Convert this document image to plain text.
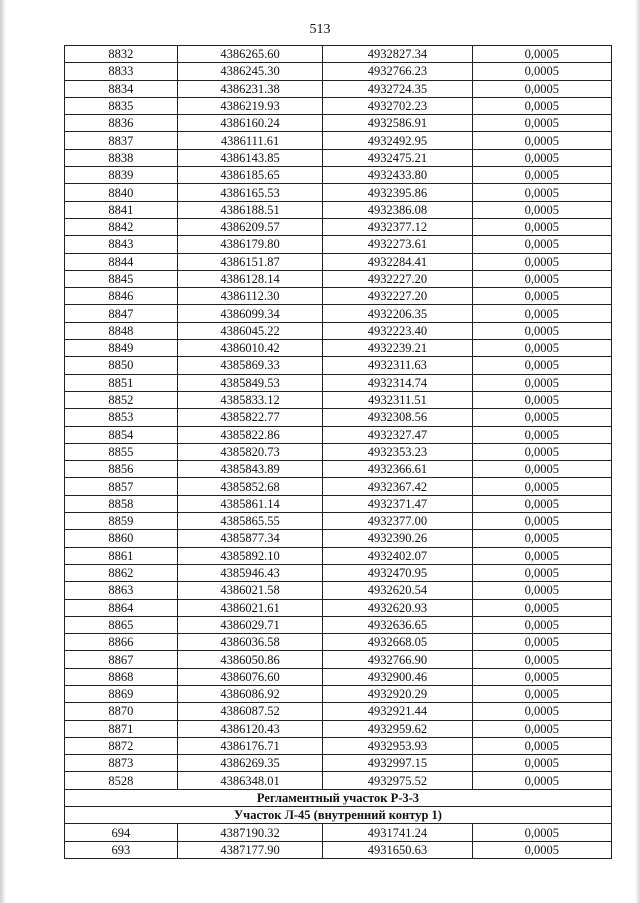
513
8832	4386265.60	4932827.34	0,0005
8833	4386245.30	4932766.23	0,0005
8834	4386231.38	4932724.35	0,0005
8835	4386219.93	4932702.23	0,0005
8836	4386160.24	4932586.91	0,0005
8837	4386111.61	4932492.95	0,0005
8838	4386143.85	4932475.21	0,0005
8839	4386185.65	4932433.80	0,0005
8840	4386165.53	4932395.86	0,0005
8841	4386188.51	4932386.08	0,0005
8842	4386209.57	4932377.12	0,0005
8843	4386179.80	4932273.61	0,0005
8844	4386151.87	4932284.41	0,0005
8845	4386128.14	4932227.20	0,0005
8846	4386112.30	4932227.20	0,0005
8847	4386099.34	4932206.35	0,0005
8848	4386045.22	4932223.40	0,0005
8849	4386010.42	4932239.21	0,0005
8850	4385869.33	4932311.63	0,0005
8851	4385849.53	4932314.74	0,0005
8852	4385833.12	4932311.51	0,0005
8853	4385822.77	4932308.56	0,0005
8854	4385822.86	4932327.47	0,0005
8855	4385820.73	4932353.23	0,0005
8856	4385843.89	4932366.61	0,0005
8857	4385852.68	4932367.42	0,0005
8858	4385861.14	4932371.47	0,0005
8859	4385865.55	4932377.00	0,0005
8860	4385877.34	4932390.26	0,0005
8861	4385892.10	4932402.07	0,0005
8862	4385946.43	4932470.95	0,0005
8863	4386021.58	4932620.54	0,0005
8864	4386021.61	4932620.93	0,0005
8865	4386029.71	4932636.65	0,0005
8866	4386036.58	4932668.05	0,0005
8867	4386050.86	4932766.90	0,0005
8868	4386076.60	4932900.46	0,0005
8869	4386086.92	4932920.29	0,0005
8870	4386087.52	4932921.44	0,0005
8871	4386120.43	4932959.62	0,0005
8872	4386176.71	4932953.93	0,0005
8873	4386269.35	4932997.15	0,0005
8528	4386348.01	4932975.52	0,0005
Регламентный участок Р-3-3			
Участок Л-45 (внутренний контур 1)			
694	4387190.32	4931741.24	0,0005
693	4387177.90	4931650.63	0,0005
